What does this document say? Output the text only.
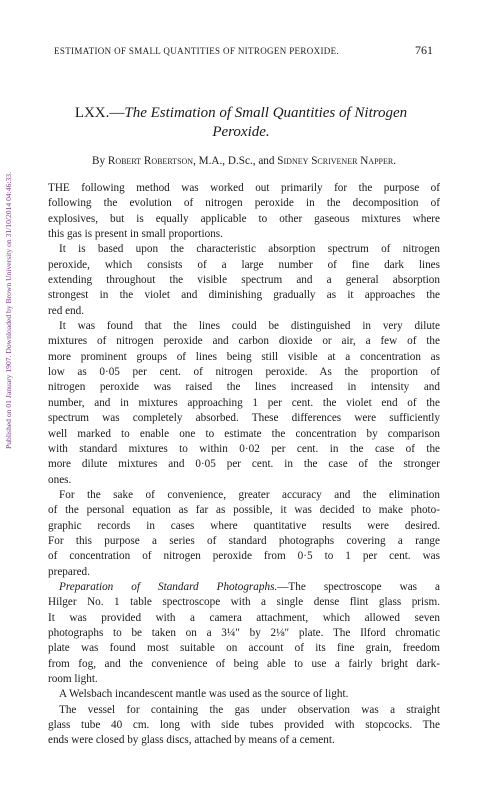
Published on 01 January 1907. Downloaded by Brown University on 31/10/2014 04:46:33.
ESTIMATION OF SMALL QUANTITIES OF NITROGEN PEROXIDE.	761
LXX.—The Estimation of Small Quantities of Nitrogen
Peroxide.
By Robert Robertson, M.A., D.Sc., and Sidney Scrivener Napper.
THE following method was worked out primarily for the purpose of
following the evolution of nitrogen peroxide in the decomposition of
explosives, but is equally applicable to other gaseous mixtures where
this gas is present in small proportions.
It is based upon the characteristic absorption spectrum of nitrogen
peroxide, which consists of a large number of fine dark lines
extending throughout the visible spectrum and a general absorption
strongest in the violet and diminishing gradually as it approaches the
red end.
It was found that the lines could be distinguished in very dilute
mixtures of nitrogen peroxide and carbon dioxide or air, a few of the
more prominent groups of lines being still visible at a concentration as
low as 0·05 per cent. of nitrogen peroxide. As the proportion of
nitrogen peroxide was raised the lines increased in intensity and
number, and in mixtures approaching 1 per cent. the violet end of the
spectrum was completely absorbed. These differences were sufficiently
well marked to enable one to estimate the concentration by comparison
with standard mixtures to within 0·02 per cent. in the case of the
more dilute mixtures and 0·05 per cent. in the case of the stronger
ones.
For the sake of convenience, greater accuracy and the elimination
of the personal equation as far as possible, it was decided to make photo-
graphic records in cases where quantitative results were desired.
For this purpose a series of standard photographs covering a range
of concentration of nitrogen peroxide from 0·5 to 1 per cent. was
prepared.
Preparation of Standard Photographs.—The spectroscope was a
Hilger No. 1 table spectroscope with a single dense flint glass prism.
It was provided with a camera attachment, which allowed seven
photographs to be taken on a 3¼″ by 2⅛″ plate. The Ilford chromatic
plate was found most suitable on account of its fine grain, freedom
from fog, and the convenience of being able to use a fairly bright dark-
room light.
A Welsbach incandescent mantle was used as the source of light.
The vessel for containing the gas under observation was a straight
glass tube 40 cm. long with side tubes provided with stopcocks. The
ends were closed by glass discs, attached by means of a cement.
